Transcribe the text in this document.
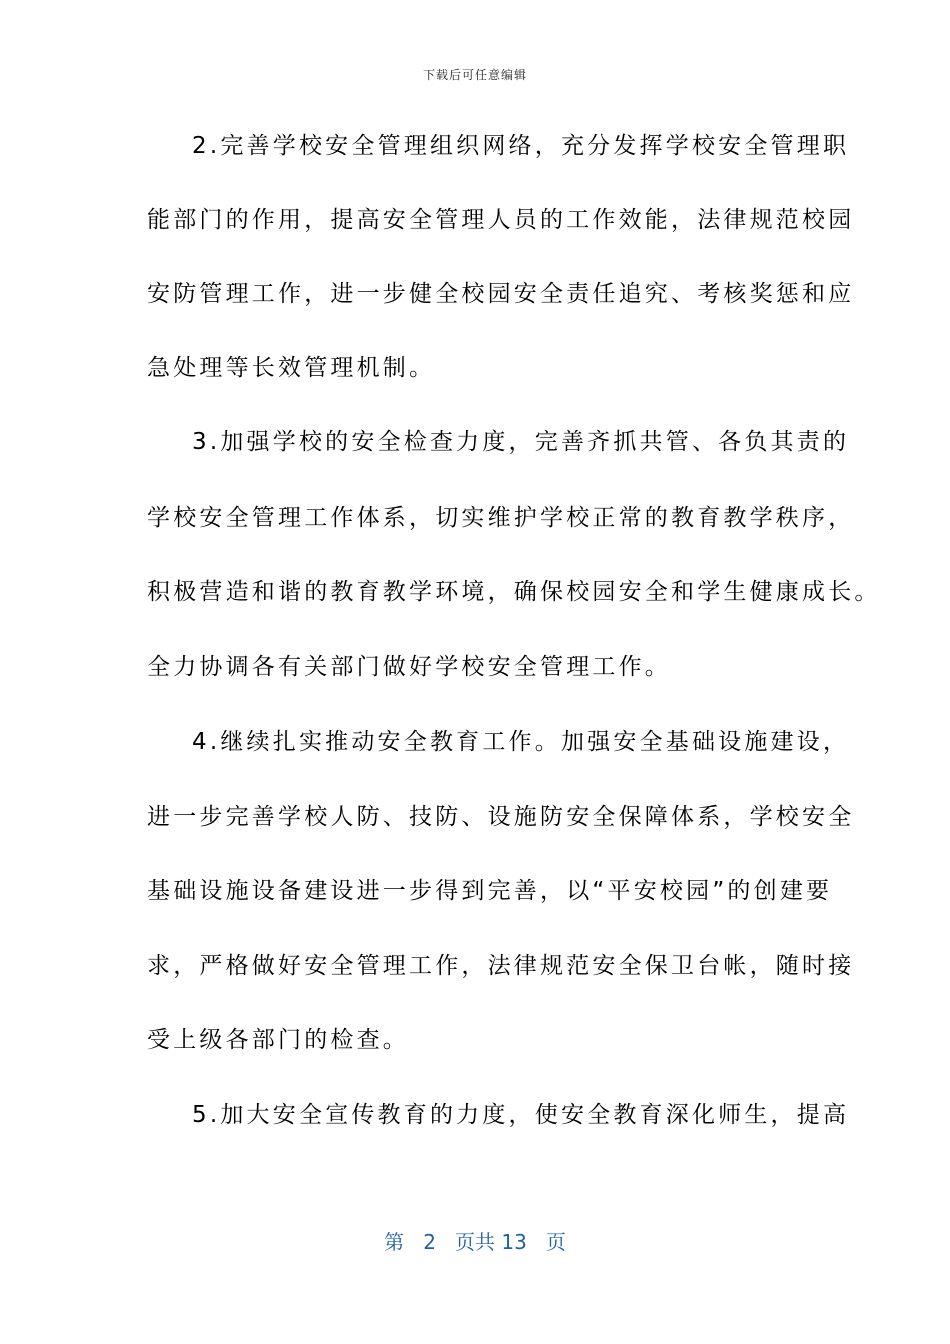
下载后可任意编辑
2.完善学校安全管理组织网络，充分发挥学校安全管理职
能部门的作用，提高安全管理人员的工作效能，法律规范校园
安防管理工作，进一步健全校园安全责任追究、考核奖惩和应
急处理等长效管理机制。
3.加强学校的安全检查力度，完善齐抓共管、各负其责的
学校安全管理工作体系，切实维护学校正常的教育教学秩序，
积极营造和谐的教育教学环境，确保校园安全和学生健康成长。
全力协调各有关部门做好学校安全管理工作。
4.继续扎实推动安全教育工作。加强安全基础设施建设，
进一步完善学校人防、技防、设施防安全保障体系，学校安全
基础设施设备建设进一步得到完善，以“平安校园”的创建要
求，严格做好安全管理工作，法律规范安全保卫台帐，随时接
受上级各部门的检查。
5.加大安全宣传教育的力度，使安全教育深化师生，提高
第 2 页共 13 页
